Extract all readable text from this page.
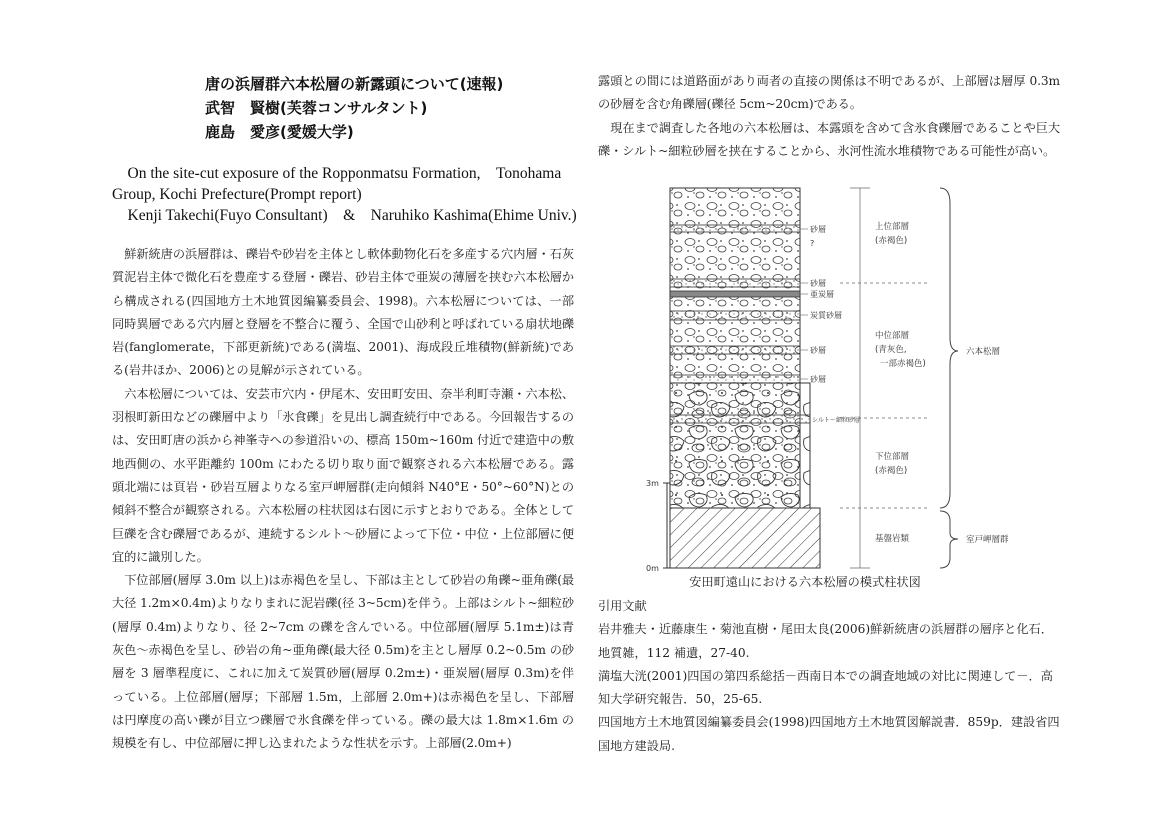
唐の浜層群六本松層の新露頭について(速報)
武智　賢樹(芙蓉コンサルタント)
鹿島　愛彦(愛媛大学)
　On the site-cut exposure of the Ropponmatsu Formation,　Tonohama
Group, Kochi Prefecture(Prompt report)
　Kenji Takechi(Fuyo Consultant)　&　Naruhiko Kashima(Ehime Univ.)

鮮新統唐の浜層群は、礫岩や砂岩を主体とし軟体動物化石を多産する穴内層・石灰質泥岩主体で微化石を豊産する登層・礫岩、砂岩主体で亜炭の薄層を挟む六本松層から構成される(四国地方土木地質図編纂委員会、1998)。六本松層については、一部同時異層である穴内層と登層を不整合に覆う、全国で山砂利と呼ばれている扇状地礫岩(fanglomerate，下部更新統)である(満塩、2001)、海成段丘堆積物(鮮新統)である(岩井ほか、2006)との見解が示されている。

六本松層については、安芸市穴内・伊尾木、安田町安田、奈半利町寺瀬・六本松、羽根町新田などの礫層中より「氷食礫」を見出し調査続行中である。今回報告するのは、安田町唐の浜から神峯寺への参道沿いの、標高 150m~160m 付近で建造中の敷地西側の、水平距離約 100m にわたる切り取り面で観察される六本松層である。露頭北端には頁岩・砂岩互層よりなる室戸岬層群(走向傾斜 N40°E・50°~60°N)との傾斜不整合が観察される。六本松層の柱状図は右図に示すとおりである。全体として巨礫を含む礫層であるが、連続するシルト～砂層によって下位・中位・上位部層に便宜的に識別した。

下位部層(層厚 3.0m 以上)は赤褐色を呈し、下部は主として砂岩の角礫~亜角礫(最大径 1.2m×0.4m)よりなりまれに泥岩礫(径 3~5cm)を伴う。上部はシルト~細粒砂(層厚 0.4m)よりなり、径 2~7cm の礫を含んでいる。中位部層(層厚 5.1m±)は青灰色～赤褐色を呈し、砂岩の角~亜角礫(最大径 0.5m)を主とし層厚 0.2~0.5m の砂層を 3 層準程度に、これに加えて炭質砂層(層厚 0.2m±)・亜炭層(層厚 0.3m)を伴っている。上位部層(層厚；下部層 1.5m，上部層 2.0m+)は赤褐色を呈し、下部層は円摩度の高い礫が目立つ礫層で氷食礫を伴っている。礫の最大は 1.8m×1.6m の規模を有し、中位部層に押し込まれたような性状を示す。上部層(2.0m+)

露頭との間には道路面があり両者の直接の関係は不明であるが、上部層は層厚 0.3m の砂層を含む角礫層(礫径 5cm~20cm)である。

現在まで調査した各地の六本松層は、本露頭を含めて含氷食礫層であることや巨大礫・シルト~細粒砂層を挟在することから、氷河性流水堆積物である可能性が高い。

砂層
?
砂層
亜炭層
炭質砂層
砂層
砂層
シルト～細粒砂層
3m
0m
上位部層
(赤褐色)
中位部層
(青灰色,
一部赤褐色)
下位部層
(赤褐色)
基盤岩類
六本松層
室戸岬層群
安田町遠山における六本松層の模式柱状図

引用文献

岩井雅夫・近藤康生・菊池直樹・尾田太良(2006)鮮新統唐の浜層群の層序と化石．地質雑，112 補遺，27-40.

満塩大洸(2001)四国の第四系総括－西南日本での調査地域の対比に関連して－．高知大学研究報告．50，25-65.

四国地方土木地質図編纂委員会(1998)四国地方土木地質図解説書．859p．建設省四国地方建設局.
